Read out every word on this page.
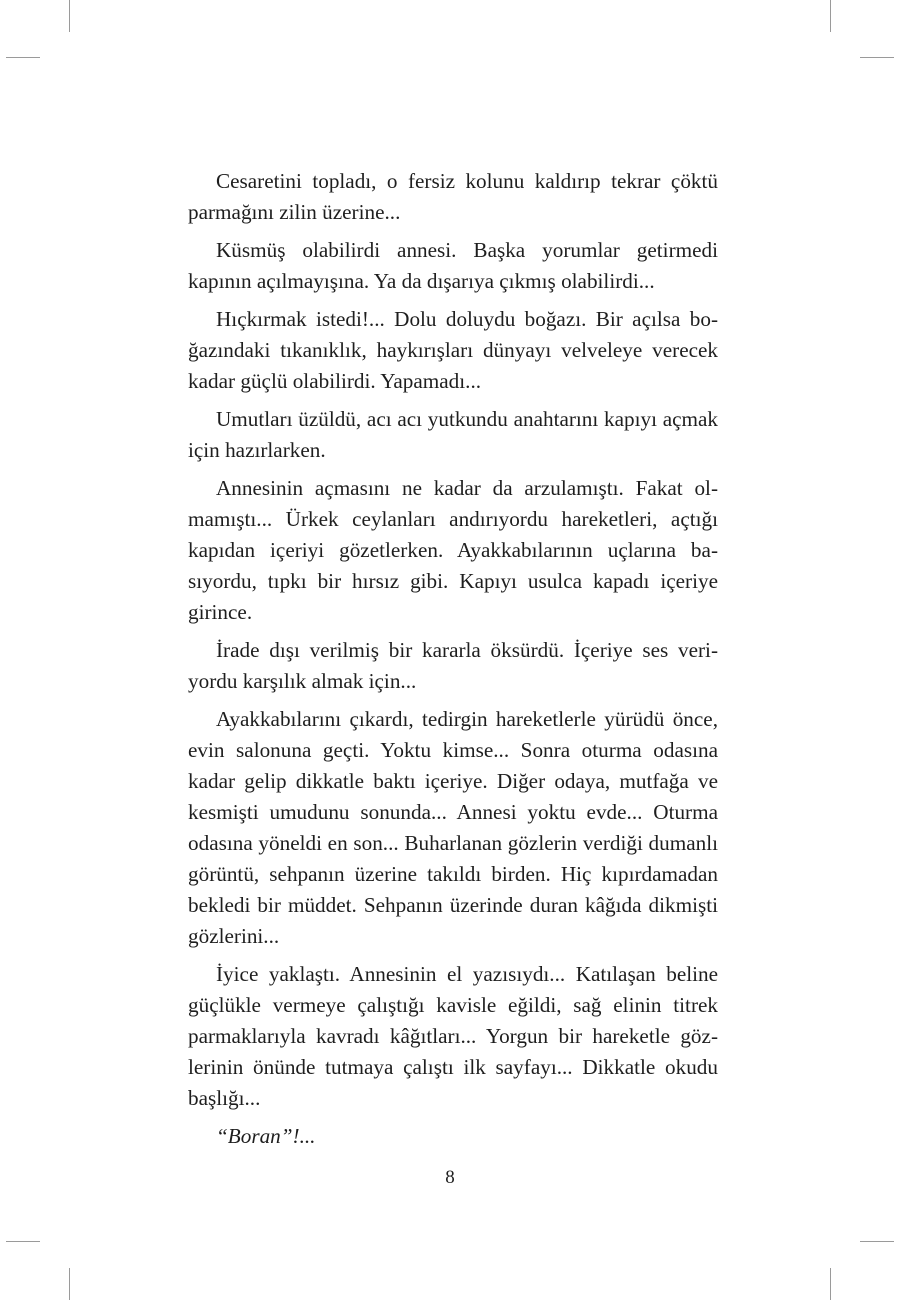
Cesaretini topladı, o fersiz kolunu kaldırıp tekrar çöktü parmağını zilin üzerine...

Küsmüş olabilirdi annesi. Başka yorumlar getirmedi kapının açılmayışına. Ya da dışarıya çıkmış olabilirdi...

Hıçkırmak istedi!... Dolu doluydu boğazı. Bir açılsa boğazındaki tıkanıklık, haykırışları dünyayı velveleye verecek kadar güçlü olabilirdi. Yapamadı...

Umutları üzüldü, acı acı yutkundu anahtarını kapıyı açmak için hazırlarken.

Annesinin açmasını ne kadar da arzulamıştı. Fakat olmamıştı... Ürkek ceylanları andırıyordu hareketleri, açtığı kapıdan içeriyi gözetlerken. Ayakkabılarının uçlarına basıyordu, tıpkı bir hırsız gibi. Kapıyı usulca kapadı içeriye girince.

İrade dışı verilmiş bir kararla öksürdü. İçeriye ses veriyordu karşılık almak için...

Ayakkabılarını çıkardı, tedirgin hareketlerle yürüdü önce, evin salonuna geçti. Yoktu kimse... Sonra oturma odasına kadar gelip dikkatle baktı içeriye. Diğer odaya, mutfağa ve kesmişti umudunu sonunda... Annesi yoktu evde... Oturma odasına yöneldi en son... Buharlanan gözlerin verdiği dumanlı görüntü, sehpanın üzerine takıldı birden. Hiç kıpırdamadan bekledi bir müddet. Sehpanın üzerinde duran kâğıda dikmişti gözlerini...

İyice yaklaştı. Annesinin el yazısıydı... Katılaşan beline güçlükle vermeye çalıştığı kavisle eğildi, sağ elinin titrek parmaklarıyla kavradı kâğıtları... Yorgun bir hareketle gözlerinin önünde tutmaya çalıştı ilk sayfayı... Dikkatle okudu başlığı...

“Boran”!...

8
